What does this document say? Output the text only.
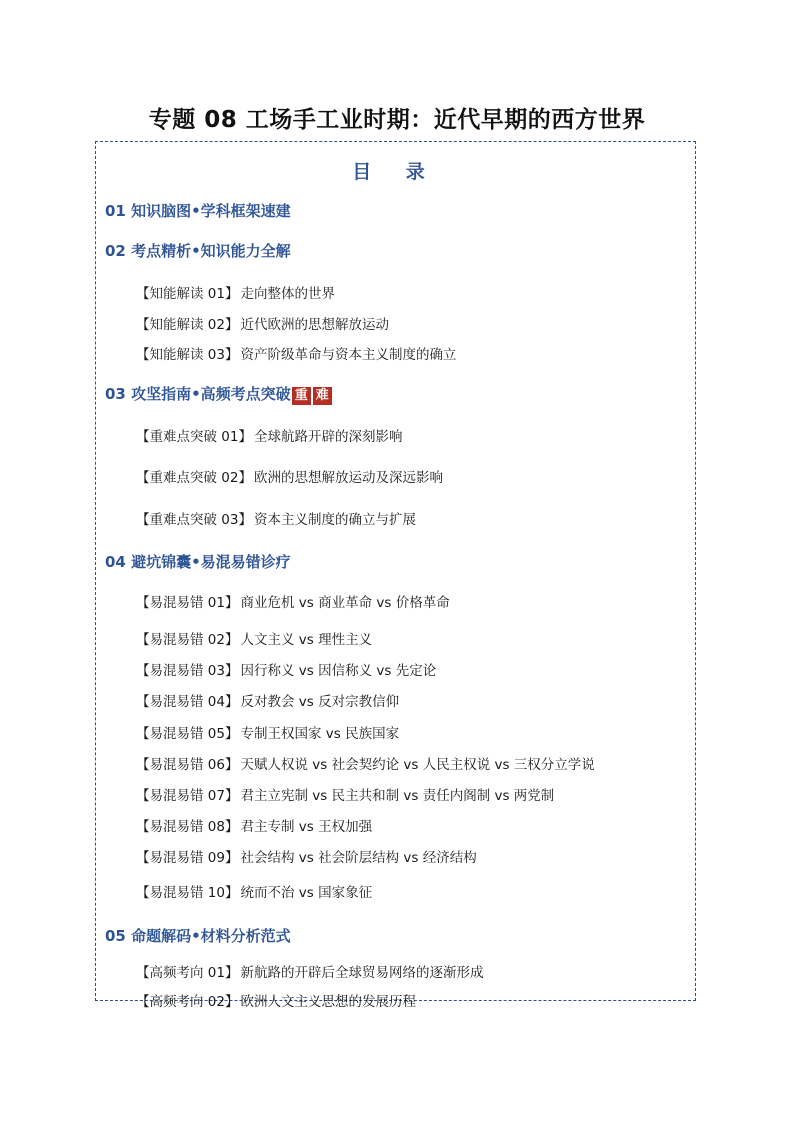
专题 08 工场手工业时期：近代早期的西方世界
目 录
01 知识脑图•学科框架速建
02 考点精析•知识能力全解
【知能解读 01】 走向整体的世界
【知能解读 02】 近代欧洲的思想解放运动
【知能解读 03】 资产阶级革命与资本主义制度的确立
03 攻坚指南•高频考点突破 重 难
【重难点突破 01】 全球航路开辟的深刻影响
【重难点突破 02】 欧洲的思想解放运动及深远影响
【重难点突破 03】 资本主义制度的确立与扩展
04 避坑锦囊•易混易错诊疗
【易混易错 01】 商业危机 vs 商业革命 vs 价格革命
【易混易错 02】 人文主义 vs 理性主义
【易混易错 03】 因行称义 vs 因信称义 vs 先定论
【易混易错 04】 反对教会 vs 反对宗教信仰
【易混易错 05】 专制王权国家 vs 民族国家
【易混易错 06】 天赋人权说 vs 社会契约论 vs 人民主权说 vs 三权分立学说
【易混易错 07】 君主立宪制 vs 民主共和制 vs 责任内阁制 vs 两党制
【易混易错 08】 君主专制 vs 王权加强
【易混易错 09】 社会结构 vs 社会阶层结构 vs 经济结构
【易混易错 10】 统而不治 vs 国家象征
05 命题解码•材料分析范式
【高频考向 01】 新航路的开辟后全球贸易网络的逐渐形成
【高频考向 02】 欧洲人文主义思想的发展历程
